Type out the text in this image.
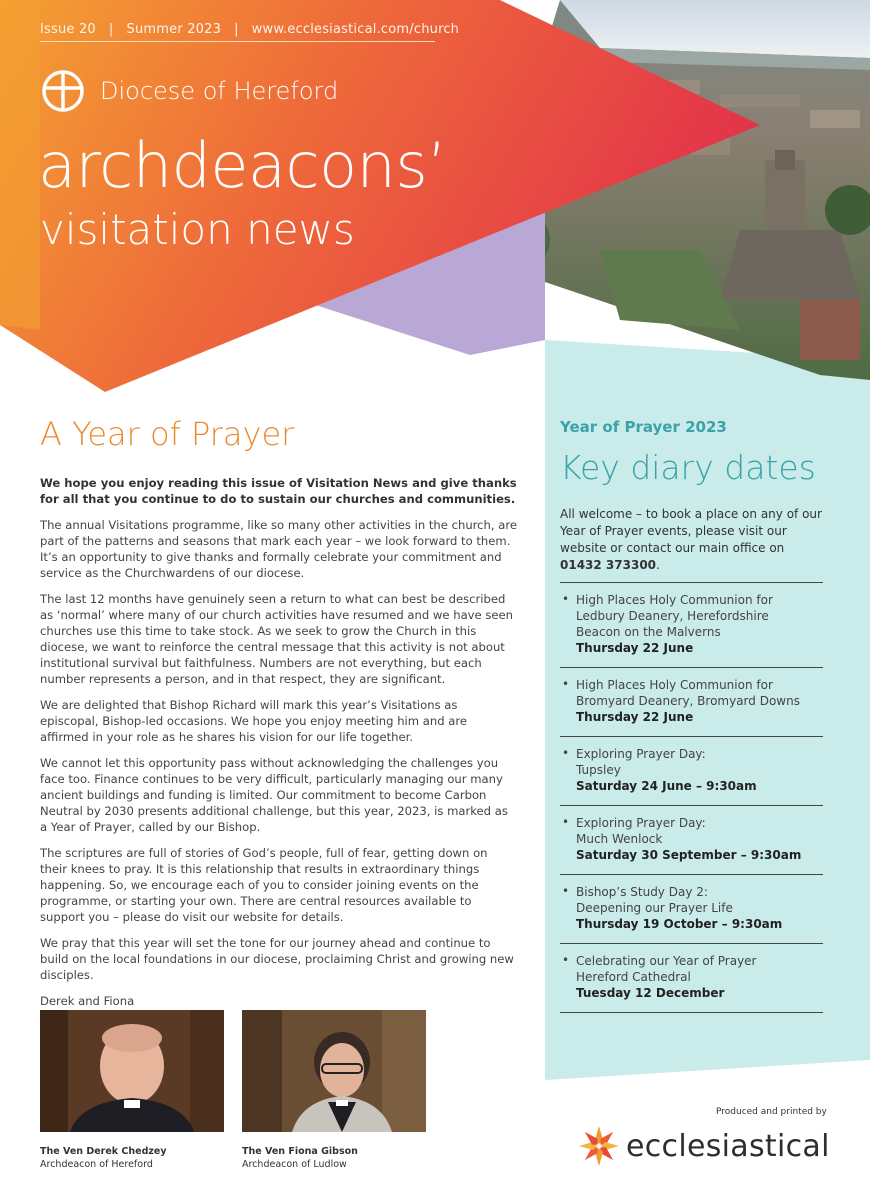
Issue 20 | Summer 2023 | www.ecclesiastical.com/church
Diocese of Hereford
archdeacons’
visitation news
A Year of Prayer

We hope you enjoy reading this issue of Visitation News and give thanks for all that you continue to do to sustain our churches and communities.

The annual Visitations programme, like so many other activities in the church, are part of the patterns and seasons that mark each year – we look forward to them. It’s an opportunity to give thanks and formally celebrate your commitment and service as the Churchwardens of our diocese.

The last 12 months have genuinely seen a return to what can best be described as ‘normal’ where many of our church activities have resumed and we have seen churches use this time to take stock. As we seek to grow the Church in this diocese, we want to reinforce the central message that this activity is not about institutional survival but faithfulness. Numbers are not everything, but each number represents a person, and in that respect, they are significant.

We are delighted that Bishop Richard will mark this year’s Visitations as episcopal, Bishop-led occasions. We hope you enjoy meeting him and are affirmed in your role as he shares his vision for our life together.

We cannot let this opportunity pass without acknowledging the challenges you face too. Finance continues to be very difficult, particularly managing our many ancient buildings and funding is limited. Our commitment to become Carbon Neutral by 2030 presents additional challenge, but this year, 2023, is marked as a Year of Prayer, called by our Bishop.

The scriptures are full of stories of God’s people, full of fear, getting down on their knees to pray. It is this relationship that results in extraordinary things happening. So, we encourage each of you to consider joining events on the programme, or starting your own. There are central resources available to support you – please do visit our website for details.

We pray that this year will set the tone for our journey ahead and continue to build on the local foundations in our diocese, proclaiming Christ and growing new disciples.

Derek and Fiona

The Ven Derek Chedzey
Archdeacon of Hereford
The Ven Fiona Gibson
Archdeacon of Ludlow
Year of Prayer 2023
Key diary dates
All welcome – to book a place on any of our Year of Prayer events, please visit our website or contact our main office on 01432 373300.
• High Places Holy Communion for
Ledbury Deanery, Herefordshire
Beacon on the Malverns
Thursday 22 June
• High Places Holy Communion for
Bromyard Deanery, Bromyard Downs
Thursday 22 June
• Exploring Prayer Day:
Tupsley
Saturday 24 June – 9:30am
• Exploring Prayer Day:
Much Wenlock
Saturday 30 September – 9:30am
• Bishop’s Study Day 2:
Deepening our Prayer Life
Thursday 19 October – 9:30am
• Celebrating our Year of Prayer
Hereford Cathedral
Tuesday 12 December
Produced and printed by
ecclesiastical
